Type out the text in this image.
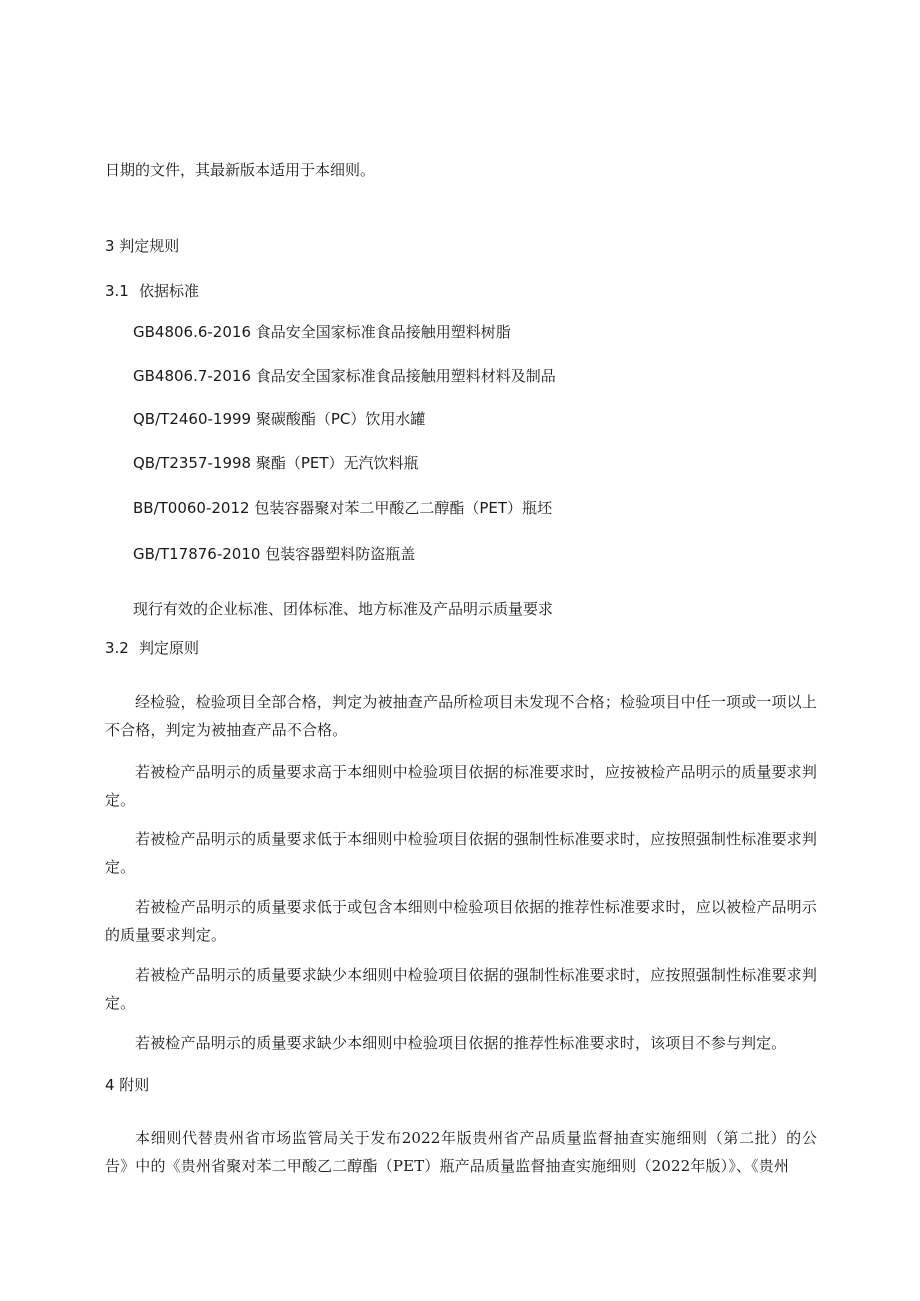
日期的文件，其最新版本适用于本细则。
3 判定规则
3.1 依据标准
GB4806.6-2016 食品安全国家标准食品接触用塑料树脂
GB4806.7-2016 食品安全国家标准食品接触用塑料材料及制品
QB/T2460-1999 聚碳酸酯（PC）饮用水罐
QB/T2357-1998 聚酯（PET）无汽饮料瓶
BB/T0060-2012 包装容器聚对苯二甲酸乙二醇酯（PET）瓶坯
GB/T17876-2010 包装容器塑料防盗瓶盖
现行有效的企业标准、团体标准、地方标准及产品明示质量要求
3.2 判定原则
经检验，检验项目全部合格，判定为被抽查产品所检项目未发现不合格；检验项目中任一项或一项以上不合格，判定为被抽查产品不合格。
若被检产品明示的质量要求高于本细则中检验项目依据的标准要求时，应按被检产品明示的质量要求判定。
若被检产品明示的质量要求低于本细则中检验项目依据的强制性标准要求时，应按照强制性标准要求判定。
若被检产品明示的质量要求低于或包含本细则中检验项目依据的推荐性标准要求时，应以被检产品明示的质量要求判定。
若被检产品明示的质量要求缺少本细则中检验项目依据的强制性标准要求时，应按照强制性标准要求判定。
若被检产品明示的质量要求缺少本细则中检验项目依据的推荐性标准要求时，该项目不参与判定。
4 附则
本细则代替贵州省市场监管局关于发布2022年版贵州省产品质量监督抽查实施细则（第二批）的公告》中的《贵州省聚对苯二甲酸乙二醇酯（PET）瓶产品质量监督抽查实施细则（2022年版）》、《贵州
